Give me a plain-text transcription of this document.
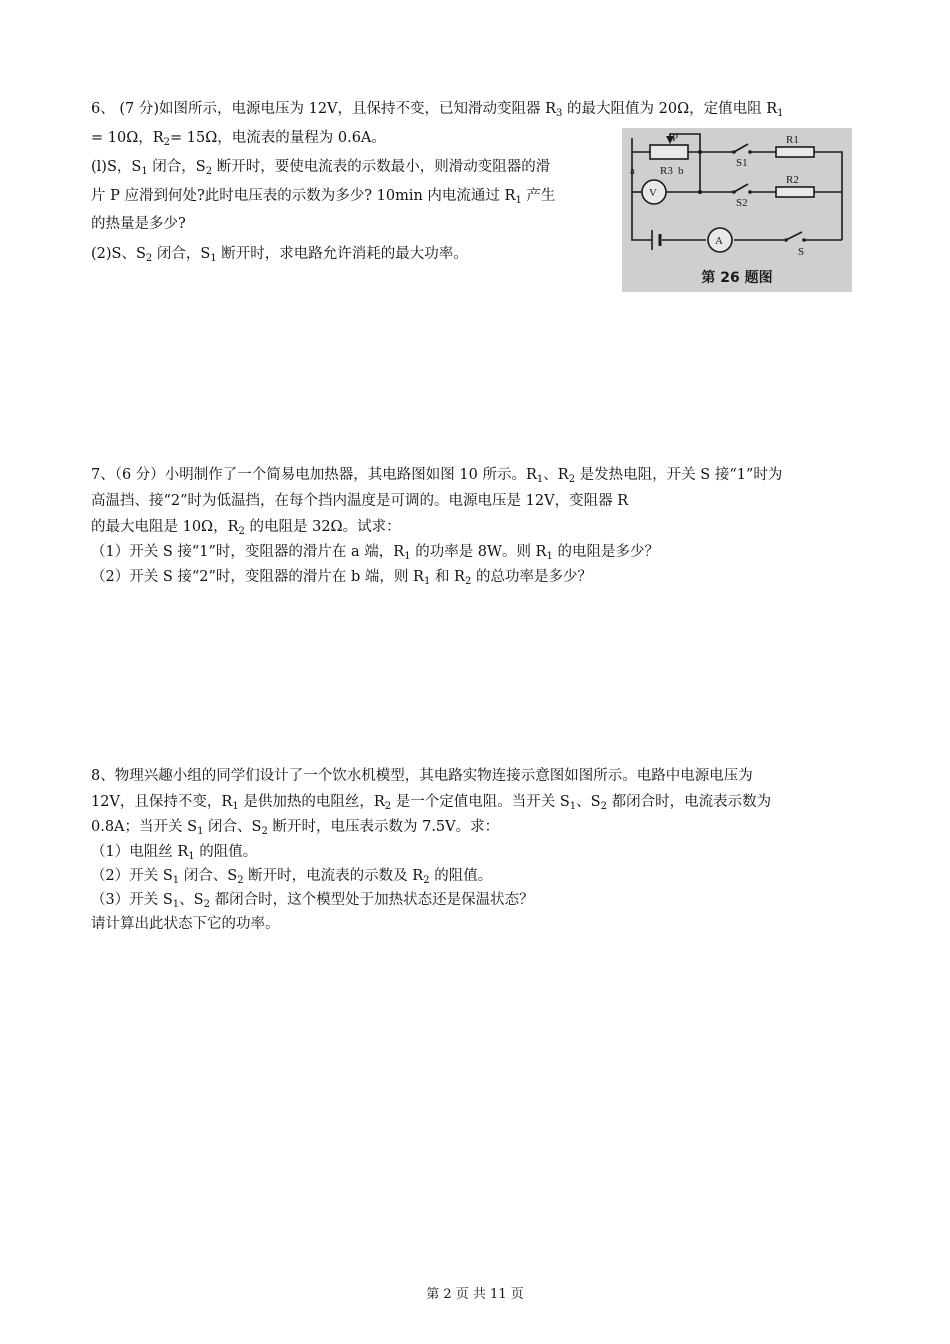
6、 (7 分)如图所示，电源电压为 12V，且保持不变，已知滑动变阻器 $R_3$ 的最大阻值为 20Ω，定值电阻 $R_1$
= 10Ω，$R_2= 15\Omega$，电流表的量程为 0.6A。
(l)S，$S_1$ 闭合，$S_2$ 断开时，要使电流表的示数最小，则滑动变阻器的滑
片 P 应滑到何处?此时电压表的示数为多少? 10min 内电流通过 $R_1$ 产生
的热量是多少?
(2)S、$S_2$ 闭合，$S_1$ 断开时，求电路允许消耗的最大功率。
P
a R3 b
V
S1
S2
R1
R2
A
S
第 26 题图
7、（6 分）小明制作了一个简易电加热器，其电路图如图 10 所示。$R_1$、$R_2$ 是发热电阻，开关 S 接“1”时为
高温挡、接“2”时为低温挡，在每个挡内温度是可调的。电源电压是 12V，变阻器 R
的最大电阻是 10Ω，$R_2$ 的电阻是 32Ω。试求：
（1）开关 S 接“1”时，变阻器的滑片在 a 端，$R_1$ 的功率是 8W。则 $R_1$ 的电阻是多少？
（2）开关 S 接“2”时，变阻器的滑片在 b 端，则 $R_1$ 和 $R_2$ 的总功率是多少？
8、物理兴趣小组的同学们设计了一个饮水机模型，其电路实物连接示意图如图所示。电路中电源电压为
12V，且保持不变，$R_1$ 是供加热的电阻丝，$R_2$ 是一个定值电阻。当开关 $S_1$、$S_2$ 都闭合时，电流表示数为
0.8A；当开关 $S_1$ 闭合、$S_2$ 断开时，电压表示数为 7.5V。求：
（1）电阻丝 $R_1$ 的阻值。
（2）开关 $S_1$ 闭合、$S_2$ 断开时，电流表的示数及 $R_2$ 的阻值。
（3）开关 $S_1$、$S_2$ 都闭合时，这个模型处于加热状态还是保温状态？
请计算出此状态下它的功率。
第 2 页 共 11 页
